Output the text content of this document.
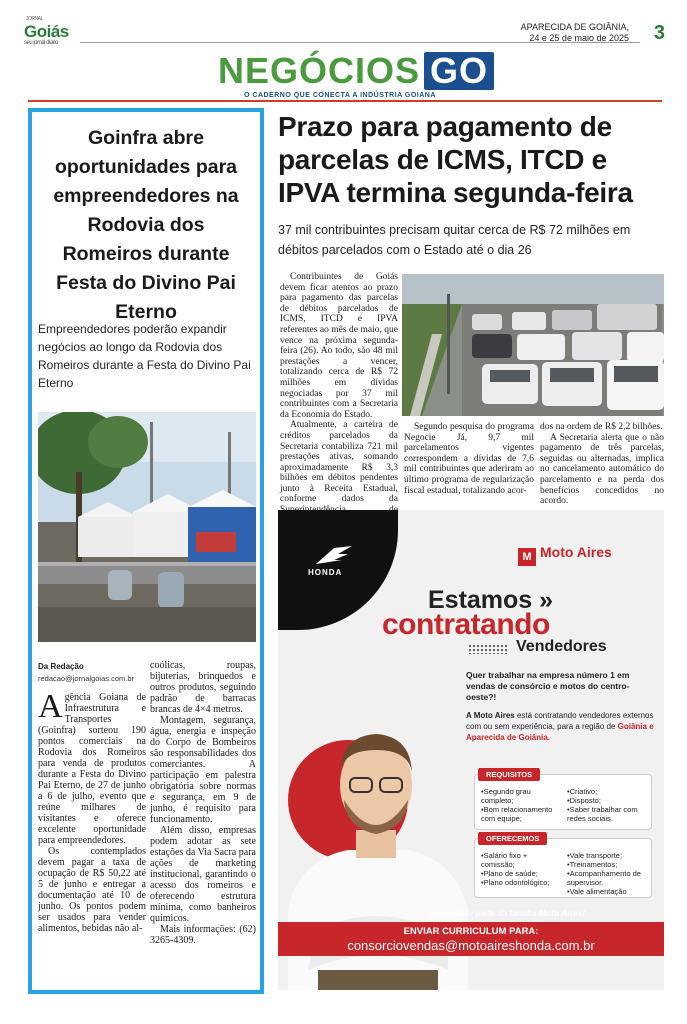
JORNAL
Goiás
seu jornal diário
APARECIDA DE GOIÂNIA,
24 e 25 de maio de 2025 3
NEGÓCIOS GO
O CADERNO QUE CONECTA A INDÚSTRIA GOIANA
Goinfra abre oportunidades para empreendedores na Rodovia dos Romeiros durante Festa do Divino Pai Eterno
Empreendedores poderão expandir negócios ao longo da Rodovia dos Romeiros durante a Festa do Divino Pai Eterno
Da Redação
redacao@jornalgoias.com.br
A gência Goiana de Infraestrutura e Transportes (Goinfra) sorteou 190 pontos comerciais na Rodovia dos Romeiros para venda de produtos durante a Festa do Divino Pai Eterno, de 27 de junho a 6 de julho, evento que reúne milhares de visitantes e oferece excelente oportunidade para empreendedores.

Os contemplados devem pagar a taxa de ocupação de R$ 50,22 até 5 de junho e entregar a documentação até 10 de junho. Os pontos podem ser usados para vender alimentos, bebidas não al-

coólicas, roupas, bijuterias, brinquedos e outros produtos, seguindo padrão de barracas brancas de 4×4 metros.

Montagem, segurança, água, energia e inspeção do Corpo de Bombeiros são responsabilidades dos comerciantes. A participação em palestra obrigatória sobre normas e segurança, em 9 de junho, é requisito para funcionamento.

Além disso, empresas podem adotar as sete estações da Via Sacra para ações de marketing institucional, garantindo o acesso dos romeiros e oferecendo estrutura mínima, como banheiros químicos.

Mais informações: (62) 3265-4309.

Prazo para pagamento de parcelas de ICMS, ITCD e IPVA termina segunda-feira
37 mil contribuintes precisam quitar cerca de R$ 72 milhões em débitos parcelados com o Estado até o dia 26

Contribuintes de Goiás devem ficar atentos ao prazo para pagamento das parcelas de débitos parcelados de ICMS, ITCD e IPVA referentes ao mês de maio, que vence na próxima segunda-feira (26). Ao todo, são 48 mil prestações a vencer, totalizando cerca de R$ 72 milhões em dívidas negociadas por 37 mil contribuintes com a Secretaria da Economia do Estado.

Atualmente, a carteira de créditos parcelados da Secretaria contabiliza 721 mil prestações ativas, somando aproximadamente R$ 3,3 bilhões em débitos pendentes junto à Receita Estadual, conforme dados da

Segundo pesquisa do programa Negocie Já, 9,7 mil parcelamentos vigentes correspondem a dívidas de 7,6 mil contribuintes que aderiram ao último programa de regularização fiscal estadual, totalizando acor-

dos na ordem de R$ 2,2 bilhões.

A Secretaria alerta que o não pagamento de três parcelas, seguidas ou alternadas, implica no cancelamento automático do parcelamento e na perda dos benefícios concedidos no acordo.

HONDA
M Moto Aires
Estamos »
contratando
Vendedores
Quer trabalhar na empresa número 1 em vendas de consórcio e motos do centro-oeste?!
A Moto Aires está contratando vendedores externos com ou sem experiência, para a região de Goiânia e Aparecida de Goiânia.
• Segundo grau completo;
• Bom relacionamento com equipe;
• Criativo;
• Disposto;
• Saber trabalhar com redes sociais.
REQUISITOS
• Salário fixo + comissão;
• Plano de saúde;
• Plano odontológico;
• Vale transporte;
• Treinamentos;
• Acompanhamento de supervisor.
• Vale alimentação
OFERECEMOS
Venha fazer parte da família Moto Aires!
ENVIAR CURRICULUM PARA:
consorciovendas@motoaireshonda.com.br
